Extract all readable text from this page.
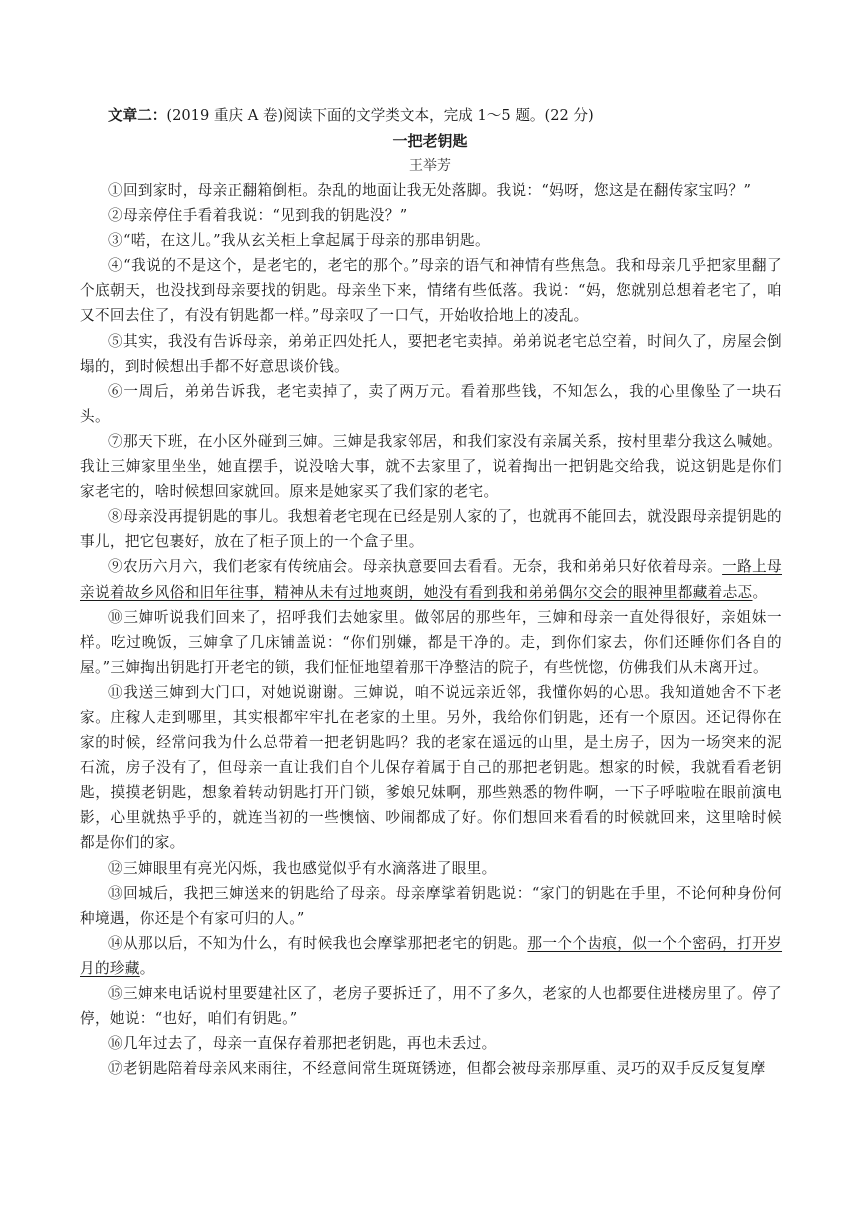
文章二：(2019 重庆 A 卷)阅读下面的文学类文本，完成 1～5 题。(22 分)
一把老钥匙
王举芳

①回到家时，母亲正翻箱倒柜。杂乱的地面让我无处落脚。我说：“妈呀，您这是在翻传家宝吗？”

②母亲停住手看着我说：“见到我的钥匙没？”

③“喏，在这儿。”我从玄关柜上拿起属于母亲的那串钥匙。

④“我说的不是这个，是老宅的，老宅的那个。”母亲的语气和神情有些焦急。我和母亲几乎把家里翻了个底朝天，也没找到母亲要找的钥匙。母亲坐下来，情绪有些低落。我说：“妈，您就别总想着老宅了，咱又不回去住了，有没有钥匙都一样。”母亲叹了一口气，开始收拾地上的凌乱。

⑤其实，我没有告诉母亲，弟弟正四处托人，要把老宅卖掉。弟弟说老宅总空着，时间久了，房屋会倒塌的，到时候想出手都不好意思谈价钱。

⑥一周后，弟弟告诉我，老宅卖掉了，卖了两万元。看着那些钱，不知怎么，我的心里像坠了一块石头。

⑦那天下班，在小区外碰到三婶。三婶是我家邻居，和我们家没有亲属关系，按村里辈分我这么喊她。我让三婶家里坐坐，她直摆手，说没啥大事，就不去家里了，说着掏出一把钥匙交给我，说这钥匙是你们家老宅的，啥时候想回家就回。原来是她家买了我们家的老宅。

⑧母亲没再提钥匙的事儿。我想着老宅现在已经是别人家的了，也就再不能回去，就没跟母亲提钥匙的事儿，把它包裹好，放在了柜子顶上的一个盒子里。

⑨农历六月六，我们老家有传统庙会。母亲执意要回去看看。无奈，我和弟弟只好依着母亲。一路上母亲说着故乡风俗和旧年往事，精神从未有过地爽朗，她没有看到我和弟弟偶尔交会的眼神里都藏着忐忑。

⑩三婶听说我们回来了，招呼我们去她家里。做邻居的那些年，三婶和母亲一直处得很好，亲姐妹一样。吃过晚饭，三婶拿了几床铺盖说：“你们别嫌，都是干净的。走，到你们家去，你们还睡你们各自的屋。”三婶掏出钥匙打开老宅的锁，我们怔怔地望着那干净整洁的院子，有些恍惚，仿佛我们从未离开过。

⑪我送三婶到大门口，对她说谢谢。三婶说，咱不说远亲近邻，我懂你妈的心思。我知道她舍不下老家。庄稼人走到哪里，其实根都牢牢扎在老家的土里。另外，我给你们钥匙，还有一个原因。还记得你在家的时候，经常问我为什么总带着一把老钥匙吗？我的老家在遥远的山里，是土房子，因为一场突来的泥石流，房子没有了，但母亲一直让我们自个儿保存着属于自己的那把老钥匙。想家的时候，我就看看老钥匙，摸摸老钥匙，想象着转动钥匙打开门锁，爹娘兄妹啊，那些熟悉的物件啊，一下子呼啦啦在眼前演电影，心里就热乎乎的，就连当初的一些懊恼、吵闹都成了好。你们想回来看看的时候就回来，这里啥时候都是你们的家。

⑫三婶眼里有亮光闪烁，我也感觉似乎有水滴落进了眼里。

⑬回城后，我把三婶送来的钥匙给了母亲。母亲摩挲着钥匙说：“家门的钥匙在手里，不论何种身份何种境遇，你还是个有家可归的人。”

⑭从那以后，不知为什么，有时候我也会摩挲那把老宅的钥匙。那一个个齿痕，似一个个密码，打开岁月的珍藏。

⑮三婶来电话说村里要建社区了，老房子要拆迁了，用不了多久，老家的人也都要住进楼房里了。停了停，她说：“也好，咱们有钥匙。”

⑯几年过去了，母亲一直保存着那把老钥匙，再也未丢过。

⑰老钥匙陪着母亲风来雨往，不经意间常生斑斑锈迹，但都会被母亲那厚重、灵巧的双手反反复复摩
